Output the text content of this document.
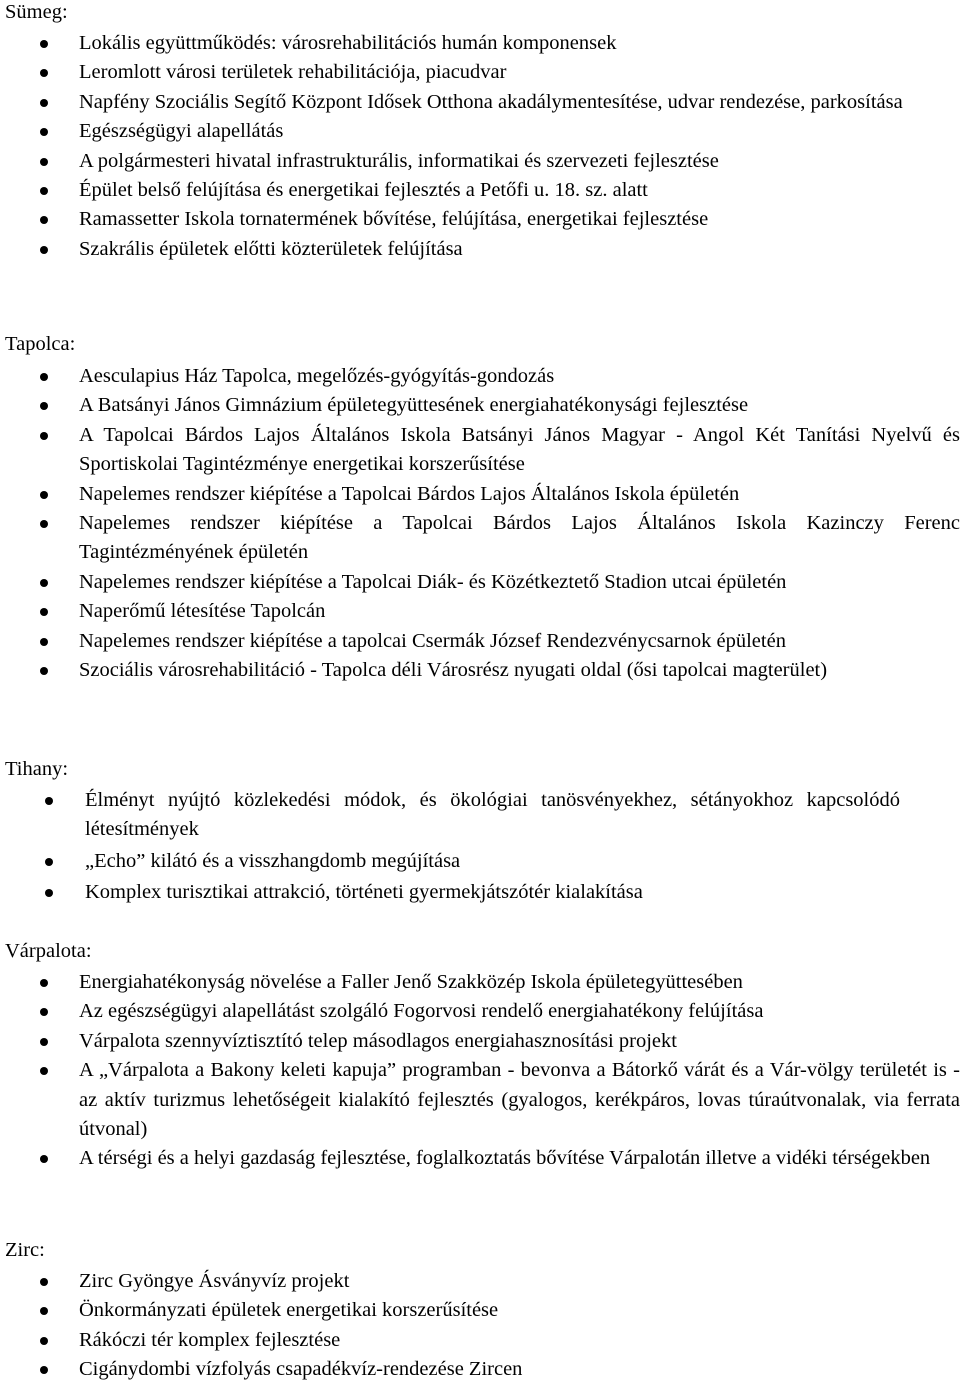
Sümeg:
Lokális együttműködés: városrehabilitációs humán komponensek
Leromlott városi területek rehabilitációja, piacudvar
Napfény Szociális Segítő Központ Idősek Otthona akadálymentesítése, udvar rendezése, parkosítása
Egészségügyi alapellátás
A polgármesteri hivatal infrastrukturális, informatikai és szervezeti fejlesztése
Épület belső felújítása és energetikai fejlesztés a Petőfi u. 18. sz. alatt
Ramassetter Iskola tornatermének bővítése, felújítása, energetikai fejlesztése
Szakrális épületek előtti közterületek felújítása
Tapolca:
Aesculapius Ház Tapolca, megelőzés-gyógyítás-gondozás
A Batsányi János Gimnázium épületegyüttesének energiahatékonysági fejlesztése
A Tapolcai Bárdos Lajos Általános Iskola Batsányi János Magyar - Angol Két Tanítási Nyelvű és Sportiskolai Tagintézménye energetikai korszerűsítése
Napelemes rendszer kiépítése a Tapolcai Bárdos Lajos Általános Iskola épületén
Napelemes rendszer kiépítése a Tapolcai Bárdos Lajos Általános Iskola Kazinczy Ferenc Tagintézményének épületén
Napelemes rendszer kiépítése a Tapolcai Diák- és Közétkeztető Stadion utcai épületén
Naperőmű létesítése Tapolcán
Napelemes rendszer kiépítése a tapolcai Csermák József Rendezvénycsarnok épületén
Szociális városrehabilitáció - Tapolca déli Városrész nyugati oldal (ősi tapolcai magterület)
Tihany:
Élményt nyújtó közlekedési módok, és ökológiai tanösvényekhez, sétányokhoz kapcsolódó létesítmények
„Echo” kilátó és a visszhangdomb megújítása
Komplex turisztikai attrakció, történeti gyermekjátszótér kialakítása
Várpalota:
Energiahatékonyság növelése a Faller Jenő Szakközép Iskola épületegyüttesében
Az egészségügyi alapellátást szolgáló Fogorvosi rendelő energiahatékony felújítása
Várpalota szennyvíztisztító telep másodlagos energiahasznosítási projekt
A „Várpalota a Bakony keleti kapuja” programban - bevonva a Bátorkő várát és a Vár-völgy területét is - az aktív turizmus lehetőségeit kialakító fejlesztés (gyalogos, kerékpáros, lovas túraútvonalak, via ferrata útvonal)
A térségi és a helyi gazdaság fejlesztése, foglalkoztatás bővítése Várpalotán illetve a vidéki térségekben
Zirc:
Zirc Gyöngye Ásványvíz projekt
Önkormányzati épületek energetikai korszerűsítése
Rákóczi tér komplex fejlesztése
Cigánydombi vízfolyás csapadékvíz-rendezése Zircen
